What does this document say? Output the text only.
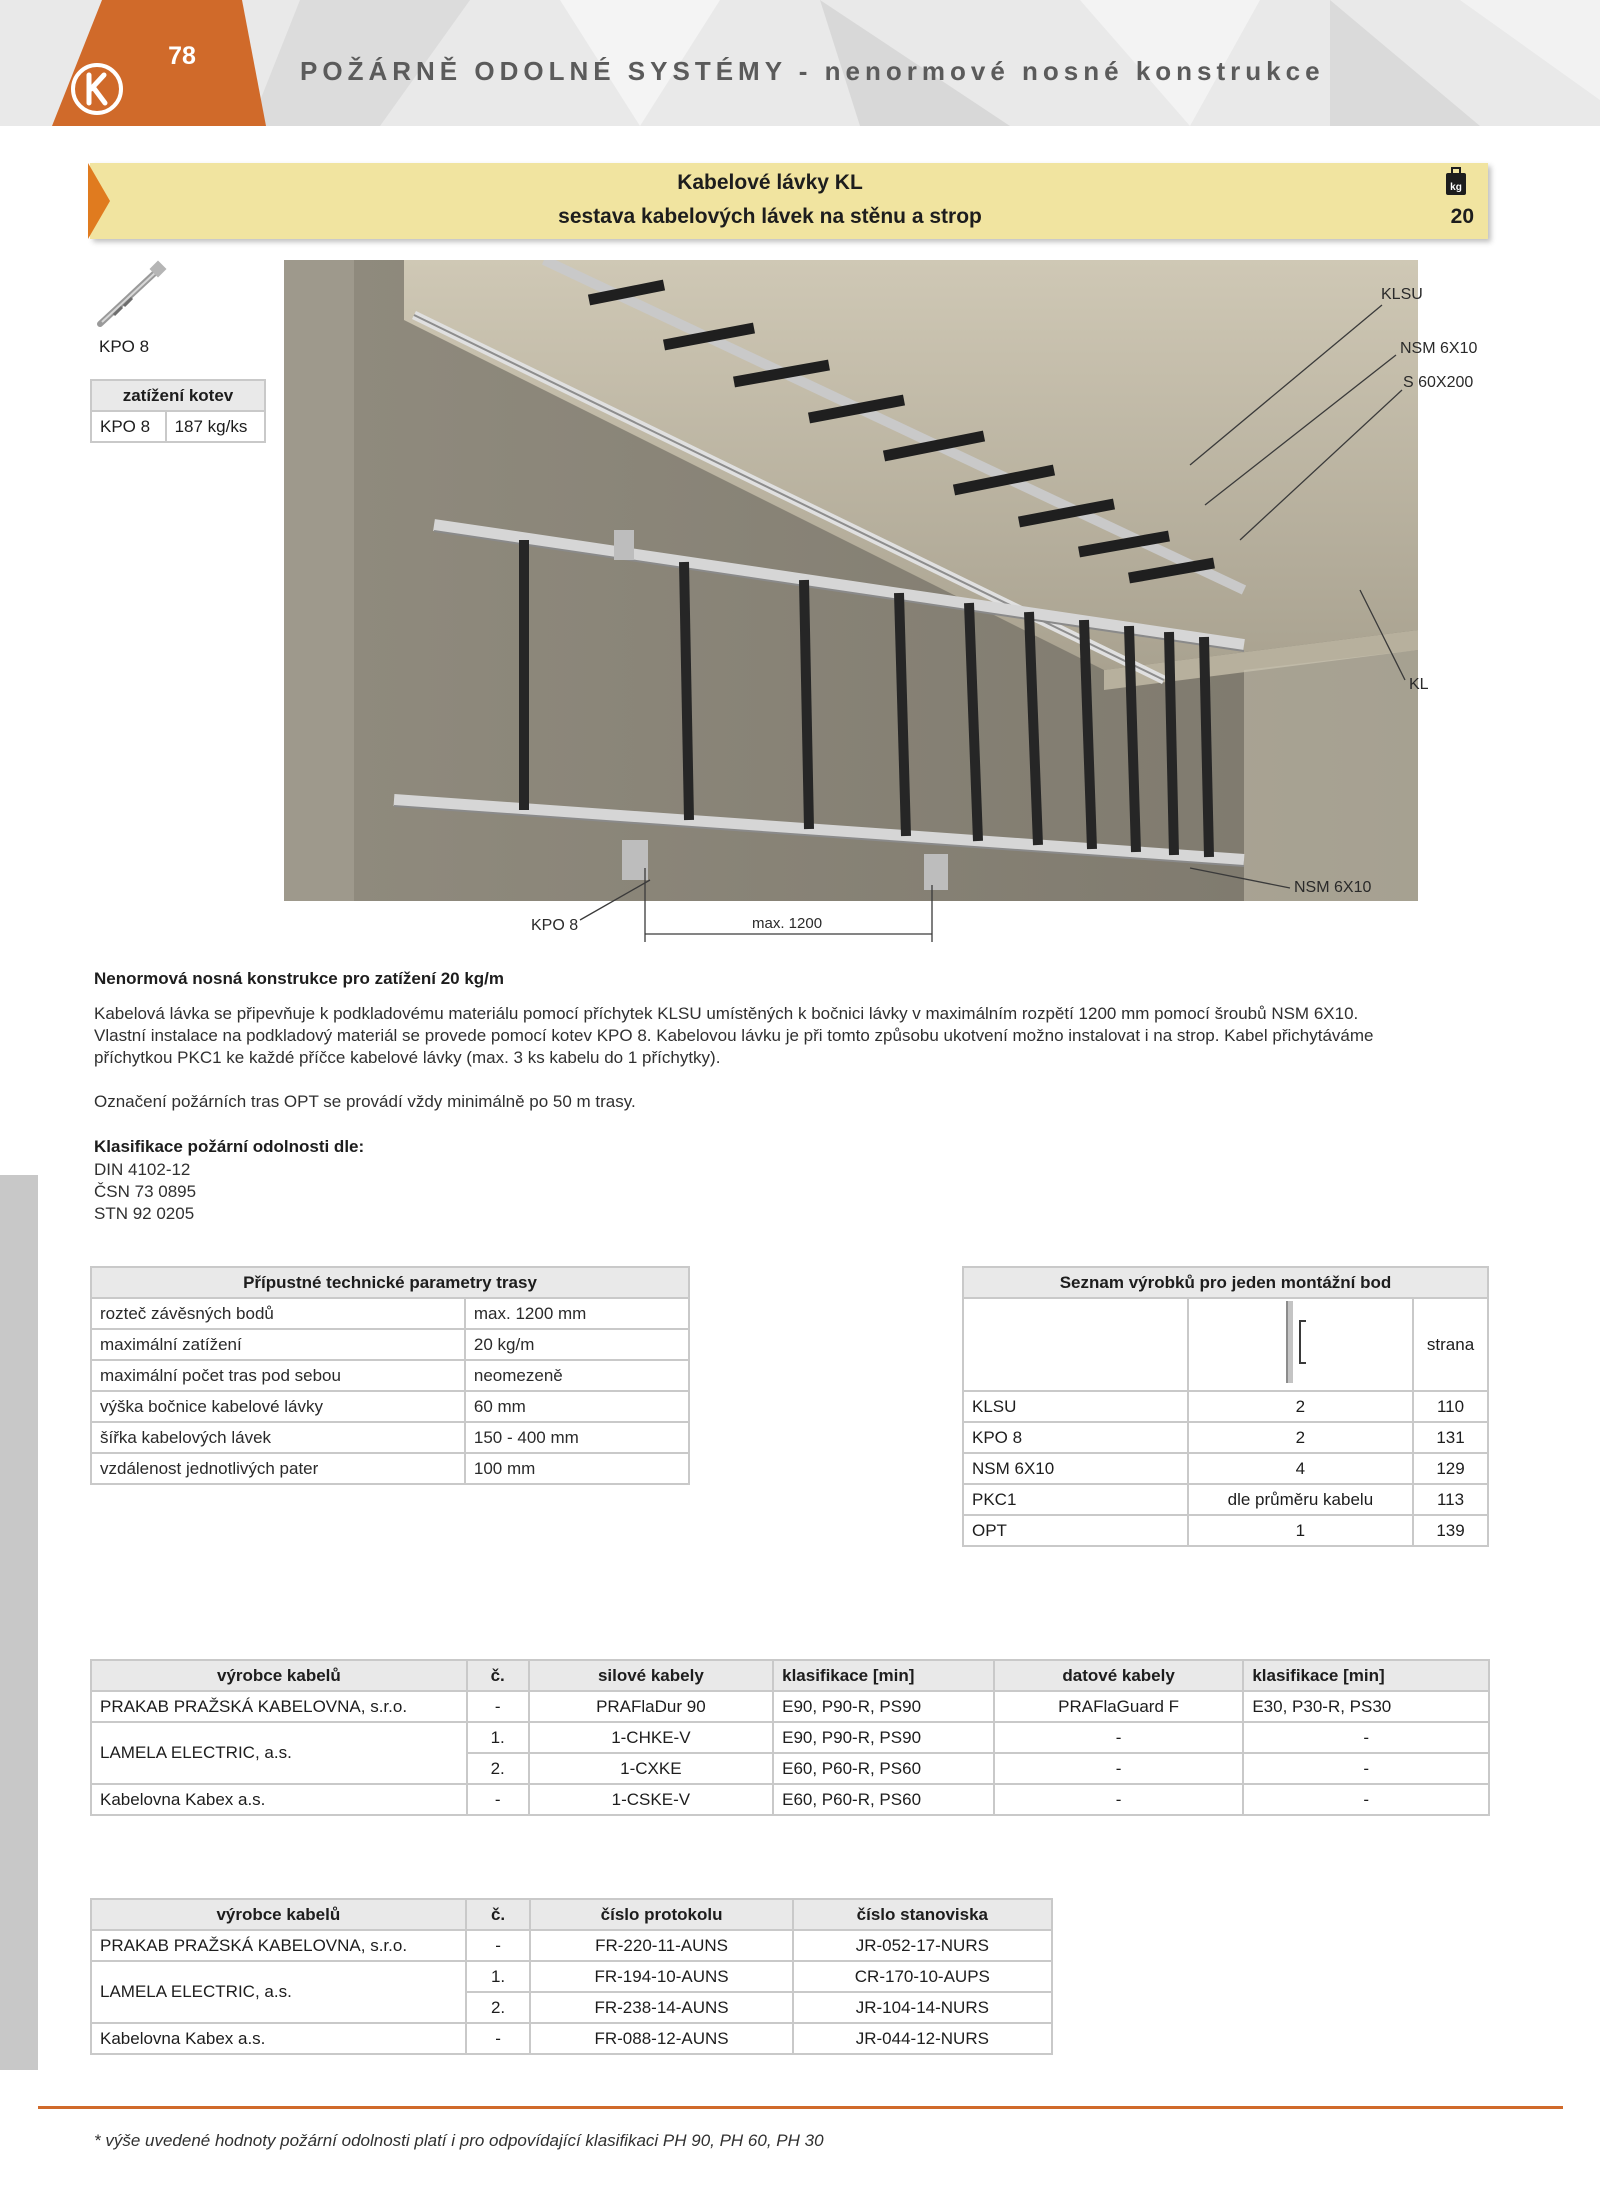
78	POŽÁRNĚ ODOLNÉ SYSTÉMY - nenormové nosné konstrukce
Kabelové lávky KL
sestava kabelových lávek na stěnu a strop
kg
20
KPO 8
zatížení kotev
KPO 8	187 kg/ks
KLSU
NSM 6X10
S 60X200
KL
NSM 6X10
KPO 8	max. 1200
Nenormová nosná konstrukce pro zatížení 20 kg/m
Kabelová lávka se připevňuje k podkladovému materiálu pomocí příchytek KLSU umístěných k bočnici lávky v maximálním rozpětí 1200 mm pomocí šroubů NSM 6X10.
Vlastní instalace na podkladový materiál se provede pomocí kotev KPO 8. Kabelovou lávku je při tomto způsobu ukotvení možno instalovat i na strop. Kabel přichytáváme
příchytkou PKC1 ke každé příčce kabelové lávky (max. 3 ks kabelu do 1 příchytky).
Označení požárních tras OPT se provádí vždy minimálně po 50 m trasy.
Klasifikace požární odolnosti dle:
DIN 4102-12
ČSN 73 0895
STN 92 0205
Přípustné technické parametry trasy	
rozteč závěsných bodů	max. 1200 mm
maximální zatížení	20 kg/m
maximální počet tras pod sebou	neomezeně
výška bočnice kabelové lávky	60 mm
šířka kabelových lávek	150 - 400 mm
vzdálenost jednotlivých pater	100 mm
Seznam výrobků pro jeden montážní bod		
		strana
KLSU	2	110
KPO 8	2	131
NSM 6X10	4	129
PKC1	dle průměru kabelu	113
OPT	1	139
výrobce kabelů	č.	silové kabely	klasifikace [min]	datové kabely	klasifikace [min]
PRAKAB PRAŽSKÁ KABELOVNA, s.r.o.	-	PRAFlaDur 90	E90, P90-R, PS90	PRAFlaGuard F	E30, P30-R, PS30
LAMELA ELECTRIC, a.s.	1.	1-CHKE-V	E90, P90-R, PS90	-	-
	2.	1-CXKE	E60, P60-R, PS60	-	-
Kabelovna Kabex a.s.	-	1-CSKE-V	E60, P60-R, PS60	-	-
výrobce kabelů	č.	číslo protokolu	číslo stanoviska
PRAKAB PRAŽSKÁ KABELOVNA, s.r.o.	-	FR-220-11-AUNS	JR-052-17-NURS
LAMELA ELECTRIC, a.s.	1.	FR-194-10-AUNS	CR-170-10-AUPS
	2.	FR-238-14-AUNS	JR-104-14-NURS
Kabelovna Kabex a.s.	-	FR-088-12-AUNS	JR-044-12-NURS
* výše uvedené hodnoty požární odolnosti platí i pro odpovídající klasifikaci PH 90, PH 60, PH 30
